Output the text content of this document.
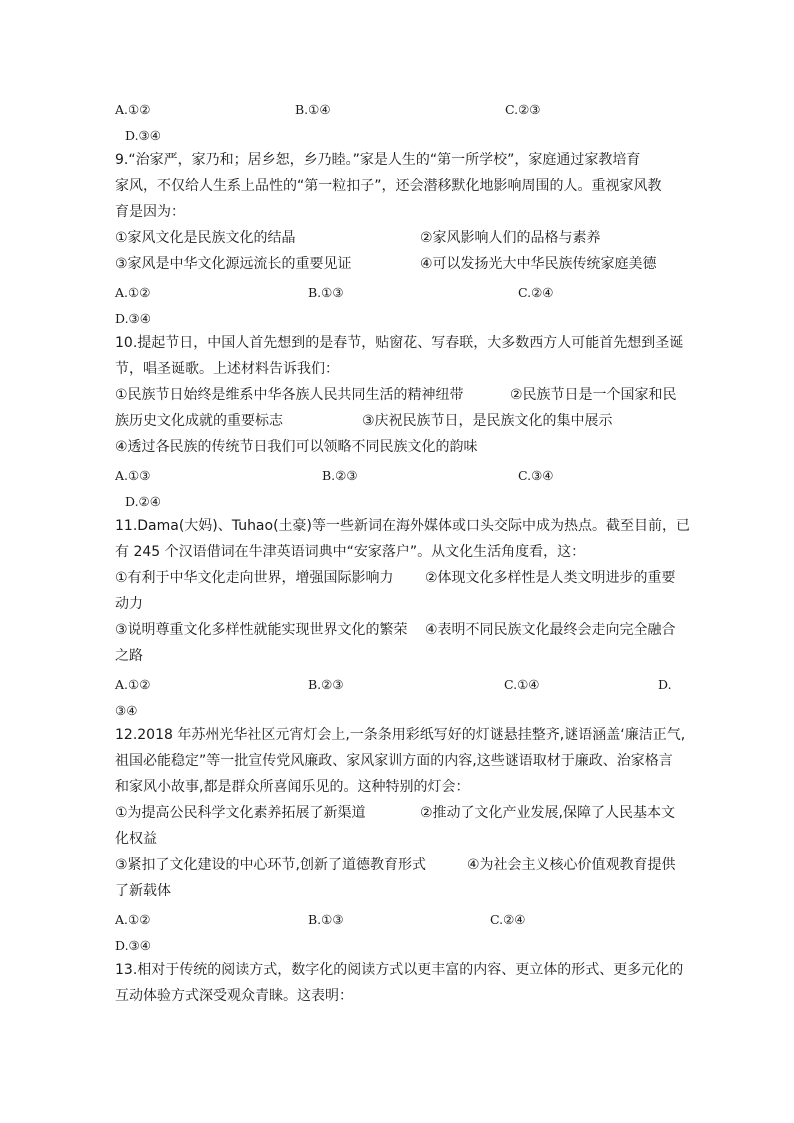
A.①②	B.①④	C.②③
D.③④
9.“治家严，家乃和；居乡恕，乡乃睦。”家是人生的“第一所学校”，家庭通过家教培育
家风，不仅给人生系上品性的“第一粒扣子”，还会潜移默化地影响周围的人。重视家风教
育是因为：
①家风文化是民族文化的结晶	②家风影响人们的品格与素养
③家风是中华文化源远流长的重要见证	④可以发扬光大中华民族传统家庭美德
A.①②	B.①③	C.②④
D.③④
10.提起节日，中国人首先想到的是春节，贴窗花、写春联，大多数西方人可能首先想到圣诞
节，唱圣诞歌。上述材料告诉我们：
①民族节日始终是维系中华各族人民共同生活的精神纽带	②民族节日是一个国家和民
族历史文化成就的重要标志	③庆祝民族节日，是民族文化的集中展示
④透过各民族的传统节日我们可以领略不同民族文化的韵味
A.①③	B.②③	C.③④
D.②④
11.Dama(大妈)、Tuhao(土豪)等一些新词在海外媒体或口头交际中成为热点。截至目前，已
有 245 个汉语借词在牛津英语词典中“安家落户”。从文化生活角度看，这：
①有利于中华文化走向世界，增强国际影响力 ②体现文化多样性是人类文明进步的重要
动力
③说明尊重文化多样性就能实现世界文化的繁荣 ④表明不同民族文化最终会走向完全融合
之路
A.①②	B.②③	C.①④	D.
③④
12.2018 年苏州光华社区元宵灯会上,一条条用彩纸写好的灯谜悬挂整齐,谜语涵盖‘廉洁正气,
祖国必能稳定”等一批宣传党风廉政、家风家训方面的内容,这些谜语取材于廉政、治家格言
和家风小故事,都是群众所喜闻乐见的。这种特别的灯会：
①为提高公民科学文化素养拓展了新渠道	②推动了文化产业发展,保障了人民基本文
化权益
③紧扣了文化建设的中心环节,创新了道德教育形式	④为社会主义核心价值观教育提供
了新载体
A.①②	B.①③	C.②④
D.③④
13.相对于传统的阅读方式，数字化的阅读方式以更丰富的内容、更立体的形式、更多元化的
互动体验方式深受观众青睐。这表明：
